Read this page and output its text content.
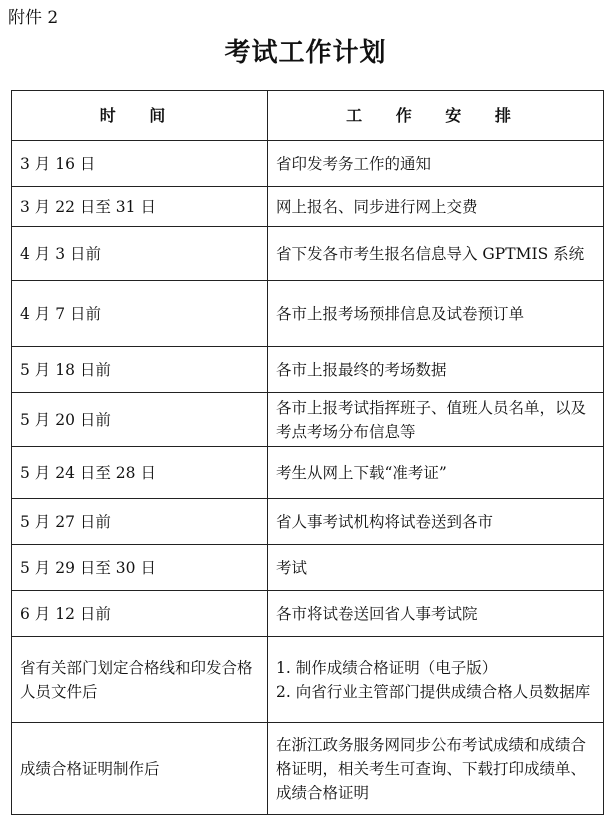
附件 2
考试工作计划
时 间	工 作 安 排
3 月 16 日	省印发考务工作的通知

3 月 22 日至 31 日	网上报名、同步进行网上交费

4 月 3 日前	省下发各市考生报名信息导入 GPTMIS 系统

4 月 7 日前	各市上报考场预排信息及试卷预订单

5 月 18 日前	各市上报最终的考场数据

5 月 20 日前	各市上报考试指挥班子、值班人员名单，以及考点考场分布信息等

5 月 24 日至 28 日	考生从网上下载“准考证”

5 月 27 日前	省人事考试机构将试卷送到各市

5 月 29 日至 30 日	考试

6 月 12 日前	各市将试卷送回省人事考试院

省有关部门划定合格线和印发合格人员文件后	1. 制作成绩合格证明（电子版）
2. 向省行业主管部门提供成绩合格人员数据库

成绩合格证明制作后	在浙江政务服务网同步公布考试成绩和成绩合格证明，相关考生可查询、下载打印成绩单、成绩合格证明
